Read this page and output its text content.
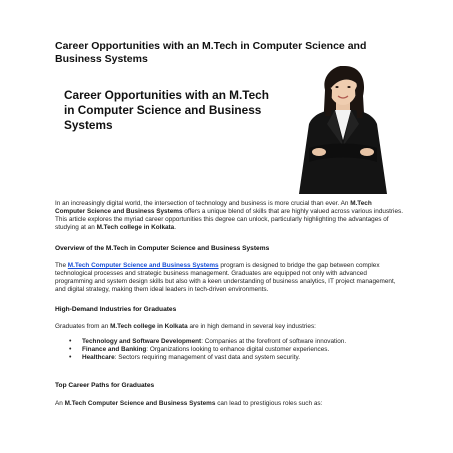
Career Opportunities with an M.Tech in Computer Science and Business Systems
Career Opportunities with an M.Tech in Computer Science and Business Systems
In an increasingly digital world, the intersection of technology and business is more crucial than ever. An M.Tech Computer Science and Business Systems offers a unique blend of skills that are highly valued across various industries. This article explores the myriad career opportunities this degree can unlock, particularly highlighting the advantages of studying at an M.Tech college in Kolkata.
Overview of the M.Tech in Computer Science and Business Systems
The M.Tech Computer Science and Business Systems program is designed to bridge the gap between complex technological processes and strategic business management. Graduates are equipped not only with advanced programming and system design skills but also with a keen understanding of business analytics, IT project management, and digital strategy, making them ideal leaders in tech-driven environments.
High-Demand Industries for Graduates
Graduates from an M.Tech college in Kolkata are in high demand in several key industries:
• Technology and Software Development: Companies at the forefront of software innovation.
• Finance and Banking: Organizations looking to enhance digital customer experiences.
• Healthcare: Sectors requiring management of vast data and system security.
Top Career Paths for Graduates
An M.Tech Computer Science and Business Systems can lead to prestigious roles such as:
